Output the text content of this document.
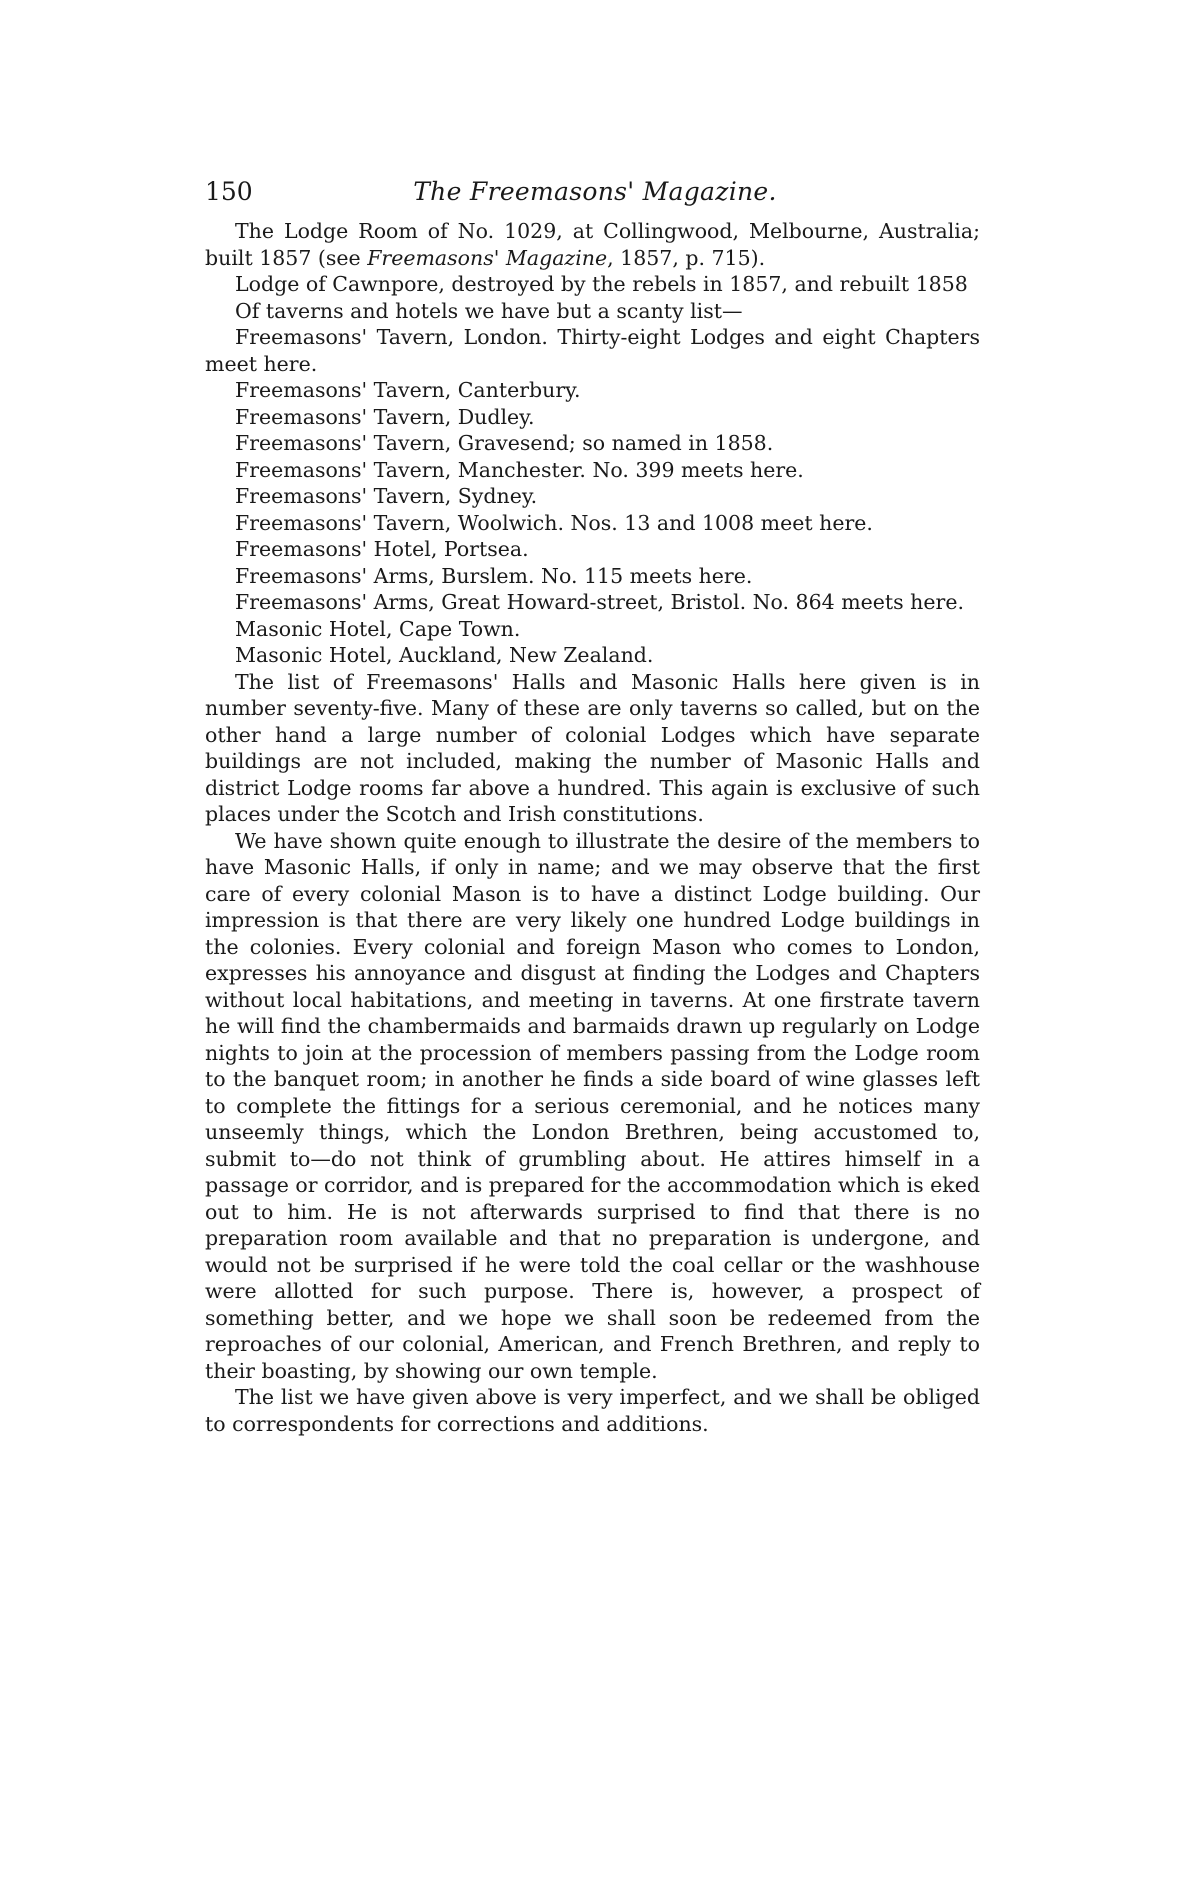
150	The Freemasons' Magazine.

The Lodge Room of No. 1029, at Collingwood, Melbourne, Australia; built 1857 (see Freemasons' Magazine, 1857, p. 715).

Lodge of Cawnpore, destroyed by the rebels in 1857, and rebuilt 1858

Of taverns and hotels we have but a scanty list—

Freemasons' Tavern, London. Thirty-eight Lodges and eight Chapters meet here.

Freemasons' Tavern, Canterbury.

Freemasons' Tavern, Dudley.

Freemasons' Tavern, Gravesend; so named in 1858.

Freemasons' Tavern, Manchester. No. 399 meets here.

Freemasons' Tavern, Sydney.

Freemasons' Tavern, Woolwich. Nos. 13 and 1008 meet here.

Freemasons' Hotel, Portsea.

Freemasons' Arms, Burslem. No. 115 meets here.

Freemasons' Arms, Great Howard-street, Bristol. No. 864 meets here.

Masonic Hotel, Cape Town.

Masonic Hotel, Auckland, New Zealand.

The list of Freemasons' Halls and Masonic Halls here given is in number seventy-five. Many of these are only taverns so called, but on the other hand a large number of colonial Lodges which have separate buildings are not included, making the number of Masonic Halls and district Lodge rooms far above a hundred. This again is exclusive of such places under the Scotch and Irish constitutions.

We have shown quite enough to illustrate the desire of the members to have Masonic Halls, if only in name; and we may observe that the first care of every colonial Mason is to have a distinct Lodge building. Our impression is that there are very likely one hundred Lodge buildings in the colonies. Every colonial and foreign Mason who comes to London, expresses his annoyance and disgust at finding the Lodges and Chapters without local habitations, and meeting in taverns. At one firstrate tavern he will find the chambermaids and barmaids drawn up regularly on Lodge nights to join at the procession of members passing from the Lodge room to the banquet room; in another he finds a side board of wine glasses left to complete the fittings for a serious ceremonial, and he notices many unseemly things, which the London Brethren, being accustomed to, submit to—do not think of grumbling about. He attires himself in a passage or corridor, and is prepared for the accommodation which is eked out to him. He is not afterwards surprised to find that there is no preparation room available and that no preparation is undergone, and would not be surprised if he were told the coal cellar or the washhouse were allotted for such purpose. There is, however, a prospect of something better, and we hope we shall soon be redeemed from the reproaches of our colonial, American, and French Brethren, and reply to their boasting, by showing our own temple.

The list we have given above is very imperfect, and we shall be obliged to correspondents for corrections and additions.
